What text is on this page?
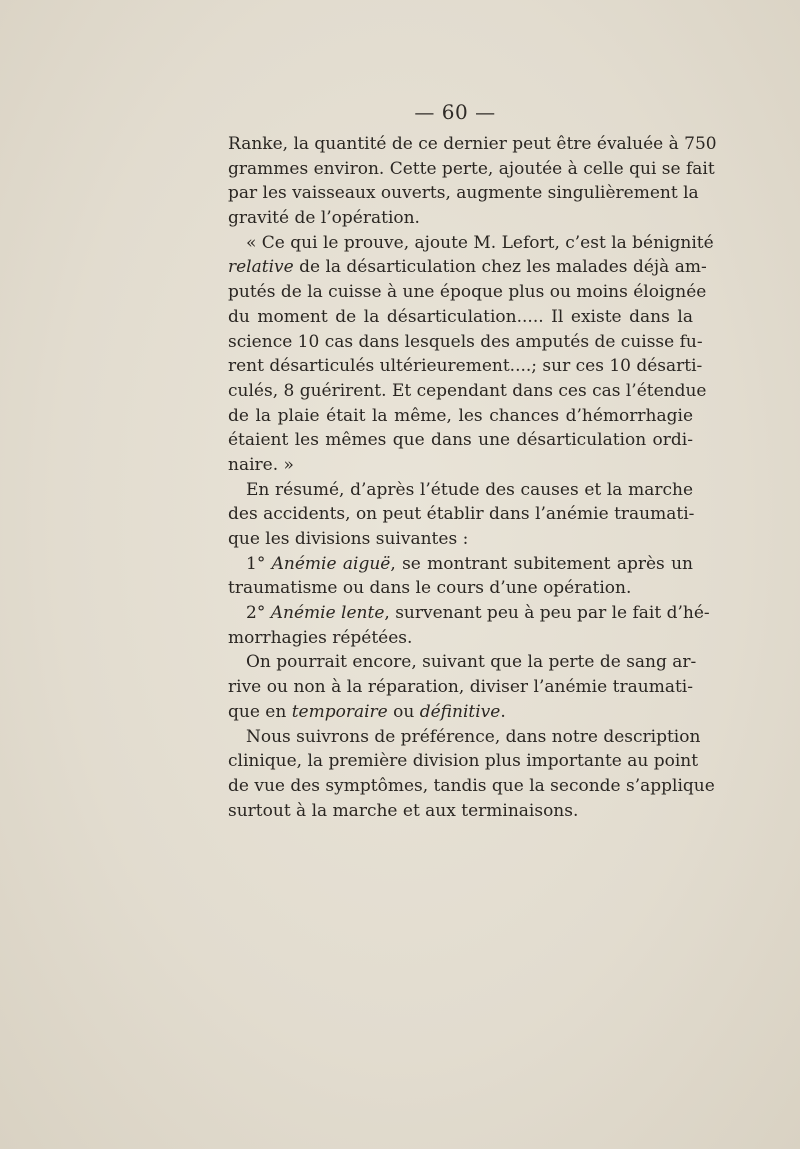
— 60 —
Ranke, la quantité de ce dernier peut être évaluée à 750
grammes environ. Cette perte, ajoutée à celle qui se fait
par les vaisseaux ouverts, augmente singulièrement la
gravité de l’opération.
« Ce qui le prouve, ajoute M. Lefort, c’est la bénignité
relative de la désarticulation chez les malades déjà am-
putés de la cuisse à une époque plus ou moins éloignée
du moment de la désarticulation..... Il existe dans la
science 10 cas dans lesquels des amputés de cuisse fu-
rent désarticulés ultérieurement....; sur ces 10 désarti-
culés, 8 guérirent. Et cependant dans ces cas l’étendue
de la plaie était la même, les chances d’hémorrhagie
étaient les mêmes que dans une désarticulation ordi-
naire. »
En résumé, d’après l’étude des causes et la marche
des accidents, on peut établir dans l’anémie traumati-
que les divisions suivantes :
1° Anémie aiguë, se montrant subitement après un
traumatisme ou dans le cours d’une opération.
2° Anémie lente, survenant peu à peu par le fait d’hé-
morrhagies répétées.
On pourrait encore, suivant que la perte de sang ar-
rive ou non à la réparation, diviser l’anémie traumati-
que en temporaire ou définitive.
Nous suivrons de préférence, dans notre description
clinique, la première division plus importante au point
de vue des symptômes, tandis que la seconde s’applique
surtout à la marche et aux terminaisons.
